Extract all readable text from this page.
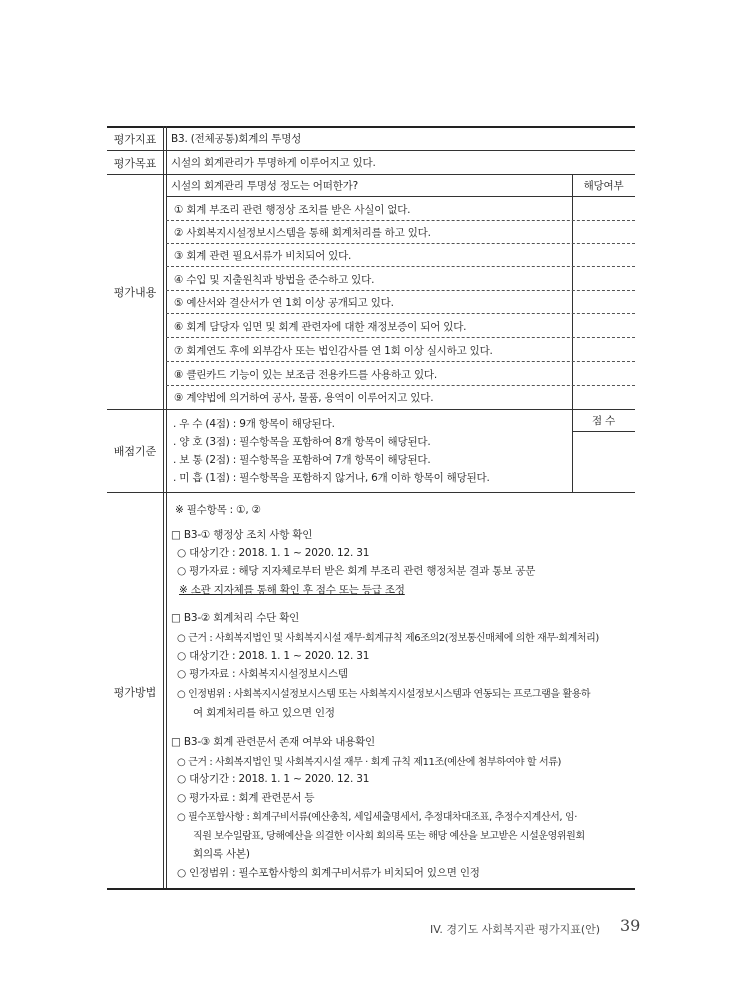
평가지표
평가목표
평가내용
배점기준
평가방법
B3. (전체공통)회계의 투명성
시설의 회계관리가 투명하게 이루어지고 있다.
시설의 회계관리 투명성 정도는 어떠한가?	해당여부
① 회계 부조리 관련 행정상 조치를 받은 사실이 없다.
② 사회복지시설정보시스템을 통해 회계처리를 하고 있다.
③ 회계 관련 필요서류가 비치되어 있다.
④ 수입 및 지출원칙과 방법을 준수하고 있다.
⑤ 예산서와 결산서가 연 1회 이상 공개되고 있다.
⑥ 회계 담당자 임면 및 회계 관련자에 대한 재정보증이 되어 있다.
⑦ 회계연도 후에 외부감사 또는 법인감사를 연 1회 이상 실시하고 있다.
⑧ 클린카드 기능이 있는 보조금 전용카드를 사용하고 있다.
⑨ 계약법에 의거하여 공사, 물품, 용역이 이루어지고 있다.
점 수
. 우 수 (4점) : 9개 항목이 해당된다.
. 양 호 (3점) : 필수항목을 포함하여 8개 항목이 해당된다.
. 보 통 (2점) : 필수항목을 포함하여 7개 항목이 해당된다.
. 미 흡 (1점) : 필수항목을 포함하지 않거나, 6개 이하 항목이 해당된다.
※ 필수항목 : ①, ②
□ B3-① 행정상 조치 사항 확인
○ 대상기간 : 2018. 1. 1 ~ 2020. 12. 31
○ 평가자료 : 해당 지자체로부터 받은 회계 부조리 관련 행정처분 결과 통보 공문
※ 소관 지자체를 통해 확인 후 점수 또는 등급 조정
□ B3-② 회계처리 수단 확인
○ 근거 : 사회복지법인 및 사회복지시설 재무·회계규칙 제6조의2(정보통신매체에 의한 재무·회계처리)
○ 대상기간 : 2018. 1. 1 ~ 2020. 12. 31
○ 평가자료 : 사회복지시설정보시스템
○ 인정범위 : 사회복지시설정보시스템 또는 사회복지시설정보시스템과 연동되는 프로그램을 활용하
여 회계처리를 하고 있으면 인정
□ B3-③ 회계 관련문서 존재 여부와 내용확인
○ 근거 : 사회복지법인 및 사회복지시설 재무 · 회계 규칙 제11조(예산에 첨부하여야 할 서류)
○ 대상기간 : 2018. 1. 1 ~ 2020. 12. 31
○ 평가자료 : 회계 관련문서 등
○ 필수포함사항 : 회계구비서류(예산총칙, 세입세출명세서, 추정대차대조표, 추정수지계산서, 임·
직원 보수일람표, 당해예산을 의결한 이사회 회의록 또는 해당 예산을 보고받은 시설운영위원회
회의록 사본)
○ 인정범위 : 필수포함사항의 회계구비서류가 비치되어 있으면 인정
IV. 경기도 사회복지관 평가지표(안) 39
